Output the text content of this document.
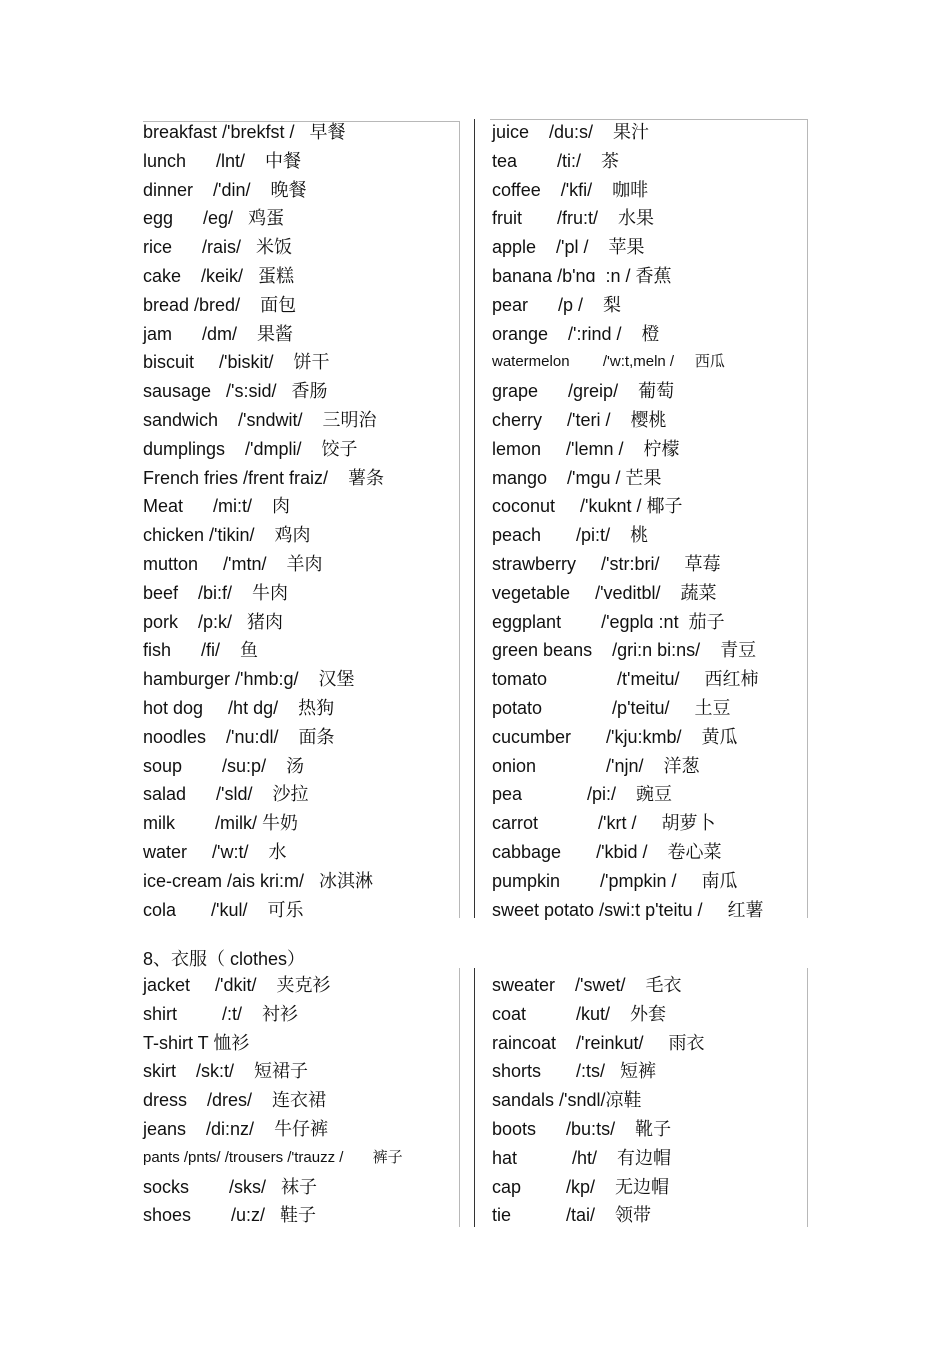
breakfast /'brekfst /   早餐
lunch      /lnt/    中餐
dinner    /'din/    晚餐
egg      /eg/   鸡蛋
rice      /rais/   米饭
cake    /keik/   蛋糕
bread /bred/    面包
jam      /dm/    果酱
biscuit     /'biskit/    饼干
sausage   /'s:sid/   香肠
sandwich    /'sndwit/    三明治
dumplings    /'dmpli/    饺子
French fries /frent fraiz/    薯条
Meat      /mi:t/    肉
chicken /'tikin/    鸡肉
mutton     /'mtn/    羊肉
beef    /bi:f/    牛肉
pork    /p:k/   猪肉
fish      /fi/    鱼
hamburger /'hmb:g/    汉堡
hot dog     /ht dg/    热狗
noodles    /'nu:dl/    面条
soup        /su:p/    汤
salad      /'sld/    沙拉
milk        /milk/ 牛奶
water     /'w:t/    水
ice-cream /ais kri:m/   冰淇淋
cola       /'kul/    可乐
juice    /du:s/    果汁
tea        /ti:/    茶
coffee    /'kfi/    咖啡
fruit       /fru:t/    水果
apple    /'pl /    苹果
banana /b'nɑ  :n / 香蕉
pear      /p /    梨
orange    /':rind /    橙
watermelon        /'w:t,meln /     西瓜
grape      /greip/    葡萄
cherry     /'teri /    樱桃
lemon     /'lemn /    柠檬
mango    /'mgu / 芒果
coconut     /'kuknt / 椰子
peach       /pi:t/    桃
strawberry     /'str:bri/     草莓
vegetable     /'veditbl/    蔬菜
eggplant        /'egplɑ :nt  茄子
green beans    /gri:n bi:ns/    青豆
tomato              /t'meitu/     西红柿
potato              /p'teitu/     土豆
cucumber       /'kju:kmb/    黄瓜
onion              /'njn/    洋葱
pea             /pi:/    豌豆
carrot            /'krt /     胡萝卜
cabbage       /'kbid /    卷心菜
pumpkin        /'pmpkin /     南瓜
sweet potato /swi:t p'teitu /     红薯
8、衣服（ clothes）
jacket     /'dkit/    夹克衫
shirt         /:t/    衬衫
T-shirt T 恤衫
skirt    /sk:t/    短裙子
dress    /dres/    连衣裙
jeans    /di:nz/    牛仔裤
pants /pnts/ /trousers /'trauzz /       裤子
socks        /sks/   袜子
shoes        /u:z/   鞋子
sweater    /'swet/    毛衣
coat          /kut/    外套
raincoat    /'reinkut/     雨衣
shorts       /:ts/   短裤
sandals /'sndl/凉鞋
boots      /bu:ts/    靴子
hat           /ht/    有边帽
cap         /kp/    无边帽
tie           /tai/    领带
